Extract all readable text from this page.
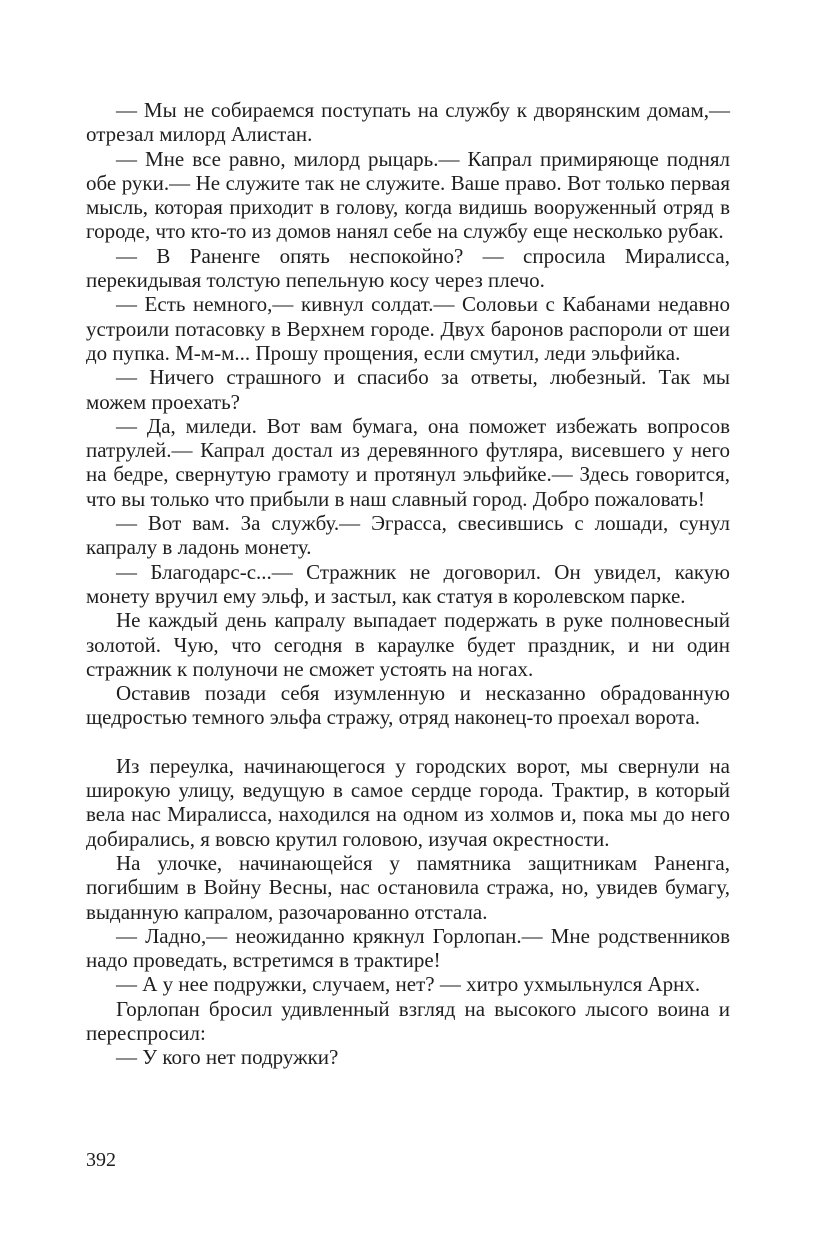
— Мы не собираемся поступать на службу к дворянским домам,— отрезал милорд Алистан.

— Мне все равно, милорд рыцарь.— Капрал примиряюще поднял обе руки.— Не служите так не служите. Ваше право. Вот только первая мысль, которая приходит в голову, когда видишь вооруженный отряд в городе, что кто-то из домов нанял себе на службу еще несколько рубак.

— В Раненге опять неспокойно? — спросила Миралисса, перекидывая толстую пепельную косу через плечо.

— Есть немного,— кивнул солдат.— Соловьи с Кабанами недавно устроили потасовку в Верхнем городе. Двух баронов распороли от шеи до пупка. М-м-м... Прошу прощения, если смутил, леди эльфийка.

— Ничего страшного и спасибо за ответы, любезный. Так мы можем проехать?

— Да, миледи. Вот вам бумага, она поможет избежать вопросов патрулей.— Капрал достал из деревянного футляра, висевшего у него на бедре, свернутую грамоту и протянул эльфийке.— Здесь говорится, что вы только что прибыли в наш славный город. Добро пожаловать!

— Вот вам. За службу.— Эграсса, свесившись с лошади, сунул капралу в ладонь монету.

— Благодарс-с...— Стражник не договорил. Он увидел, какую монету вручил ему эльф, и застыл, как статуя в королевском парке.

Не каждый день капралу выпадает подержать в руке полновесный золотой. Чую, что сегодня в караулке будет праздник, и ни один стражник к полуночи не сможет устоять на ногах.

Оставив позади себя изумленную и несказанно обрадованную щедростью темного эльфа стражу, отряд наконец-то проехал ворота.

Из переулка, начинающегося у городских ворот, мы свернули на широкую улицу, ведущую в самое сердце города. Трактир, в который вела нас Миралисса, находился на одном из холмов и, пока мы до него добирались, я вовсю крутил головою, изучая окрестности.

На улочке, начинающейся у памятника защитникам Раненга, погибшим в Войну Весны, нас остановила стража, но, увидев бумагу, выданную капралом, разочарованно отстала.

— Ладно,— неожиданно крякнул Горлопан.— Мне родственников надо проведать, встретимся в трактире!

— А у нее подружки, случаем, нет? — хитро ухмыльнулся Арнх.

Горлопан бросил удивленный взгляд на высокого лысого воина и переспросил:

— У кого нет подружки?

392
